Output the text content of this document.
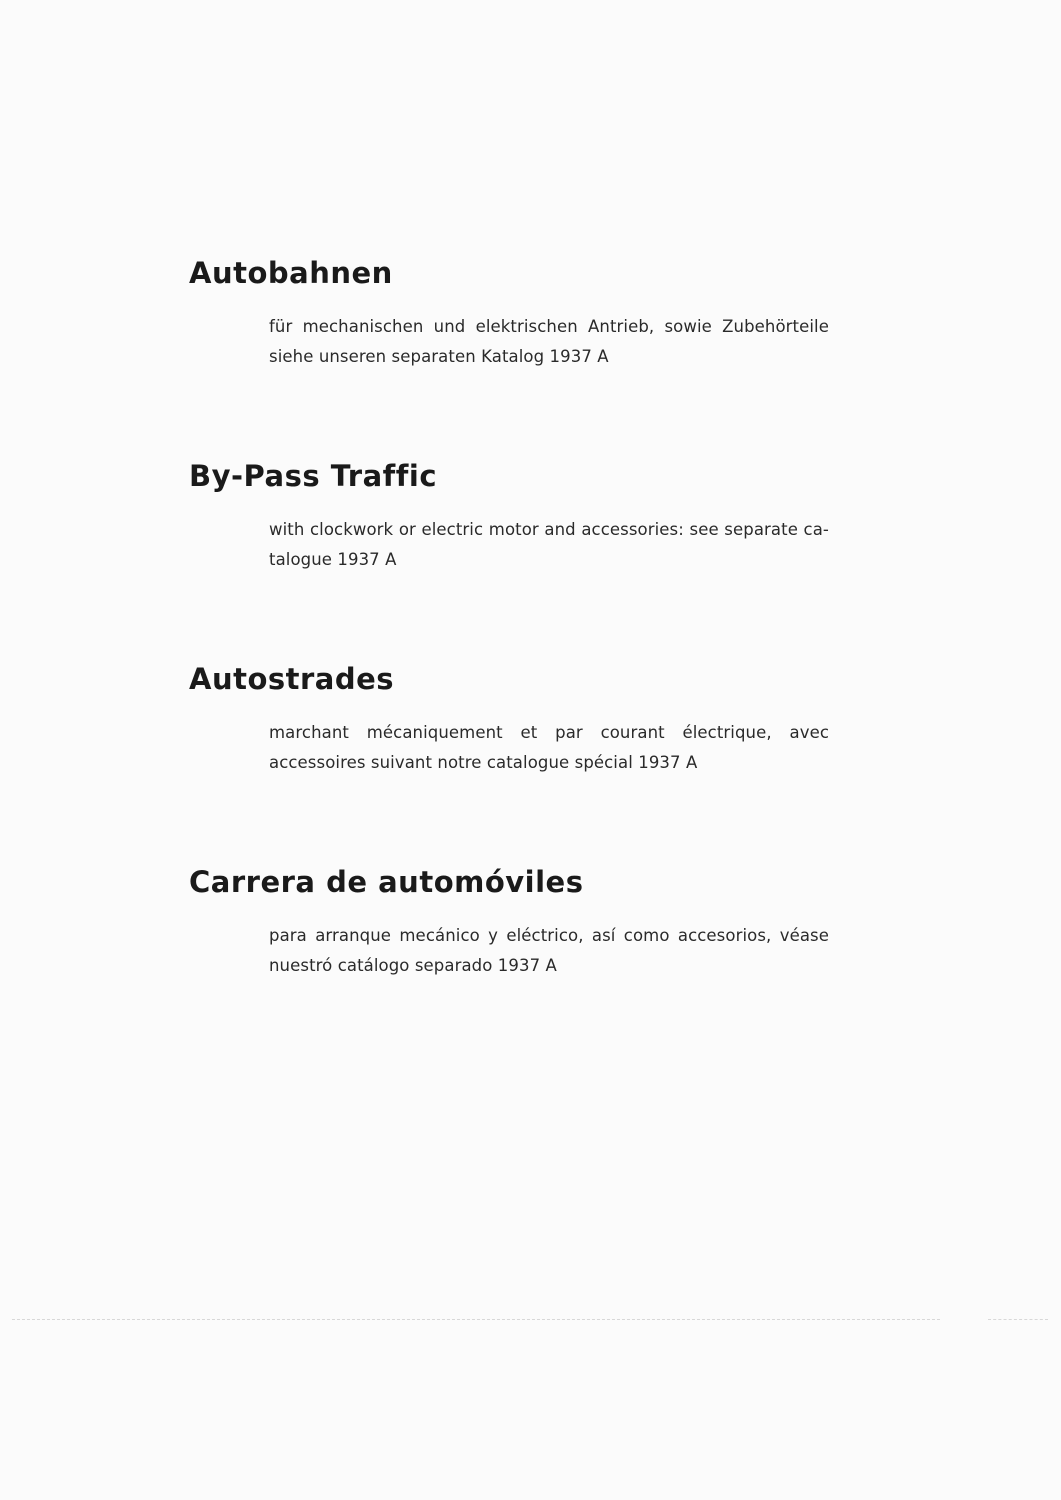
Autobahnen

für mechanischen und elektrischen Antrieb, sowie Zubehörteile siehe unseren separaten Katalog 1937 A

By-Pass Traffic

with clockwork or electric motor and accessories: see separate ca- talogue 1937 A

Autostrades

marchant mécaniquement et par courant électrique, avec accessoires suivant notre catalogue spécial 1937 A

Carrera de automóviles

para arranque mecánico y eléctrico, así como accesorios, véase nuestró catálogo separado 1937 A
